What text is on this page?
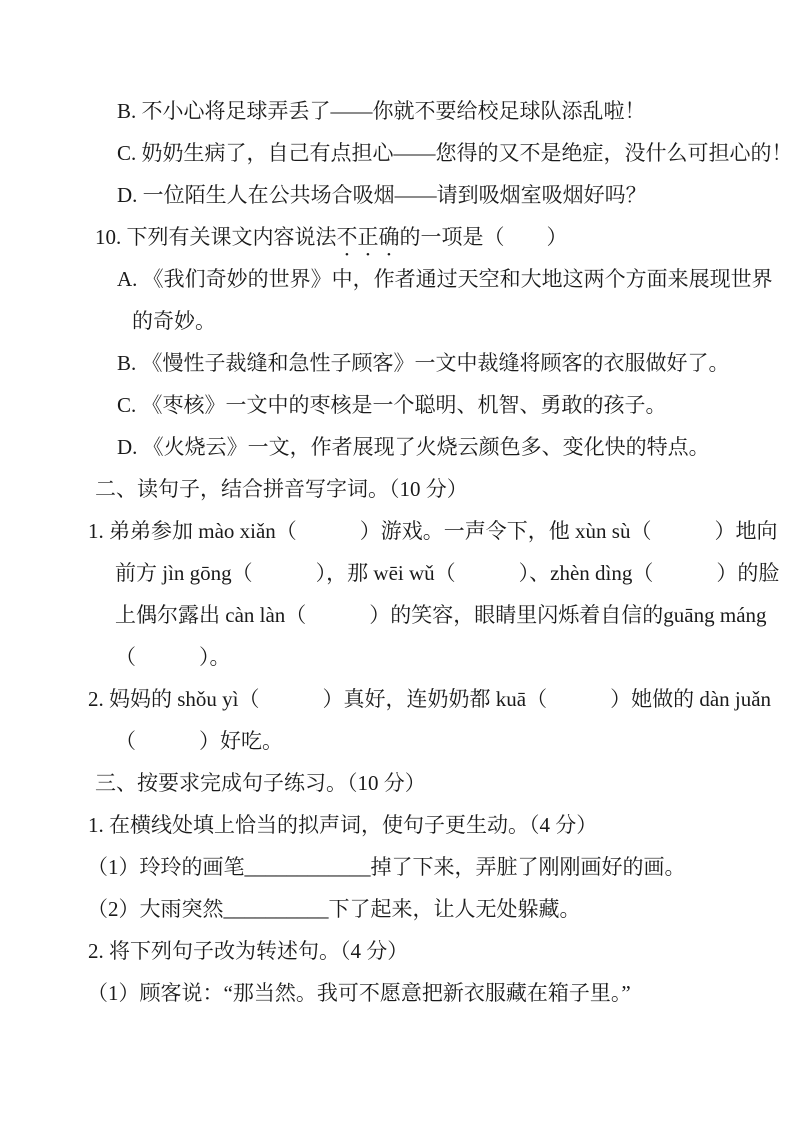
B. 不小心将足球弄丢了——你就不要给校足球队添乱啦！

C. 奶奶生病了，自己有点担心——您得的又不是绝症，没什么可担心的！

D. 一位陌生人在公共场合吸烟——请到吸烟室吸烟好吗？

10. 下列有关课文内容说法不正确的一项是（　　）

A. 《我们奇妙的世界》中，作者通过天空和大地这两个方面来展现世界

的奇妙。

B. 《慢性子裁缝和急性子顾客》一文中裁缝将顾客的衣服做好了。

C. 《枣核》一文中的枣核是一个聪明、机智、勇敢的孩子。

D. 《火烧云》一文，作者展现了火烧云颜色多、变化快的特点。

二、读句子，结合拼音写字词。（10 分）

1. 弟弟参加 mào xiǎn（　　　）游戏。一声令下，他 xùn sù（　　　）地向

前方 jìn gōng（　　　），那 wēi wǔ（　　　）、zhèn dìng（　　　）的脸

上偶尔露出 càn làn（　　　）的笑容，眼睛里闪烁着自信的guāng máng

（　　　）。

2. 妈妈的 shǒu yì（　　　）真好，连奶奶都 kuā（　　　）她做的 dàn juǎn

（　　　）好吃。

三、按要求完成句子练习。（10 分）

1. 在横线处填上恰当的拟声词，使句子更生动。（4 分）

（1）玲玲的画笔____________掉了下来，弄脏了刚刚画好的画。

（2）大雨突然__________下了起来，让人无处躲藏。

2. 将下列句子改为转述句。（4 分）

（1）顾客说：“那当然。我可不愿意把新衣服藏在箱子里。”
